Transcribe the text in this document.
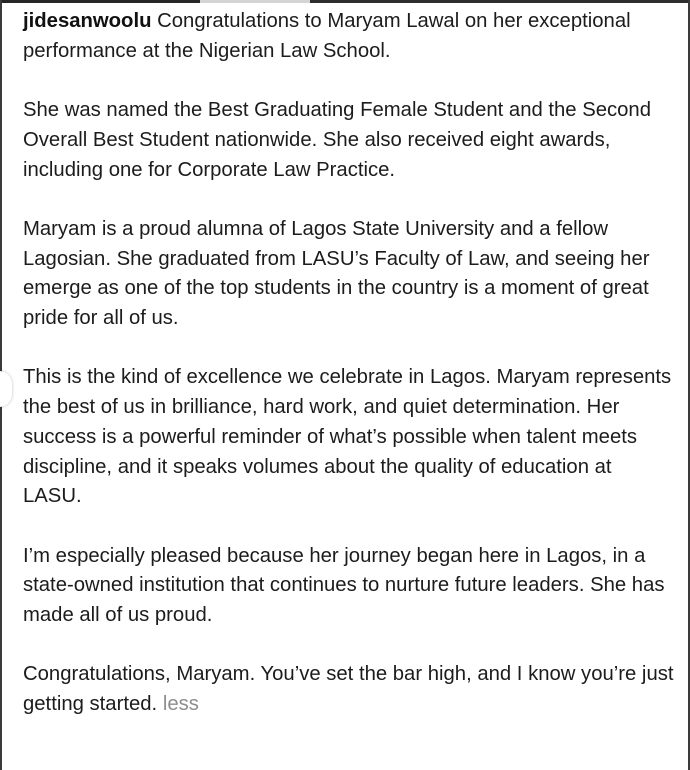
jidesanwoolu Congratulations to Maryam Lawal on her exceptional performance at the Nigerian Law School.

She was named the Best Graduating Female Student and the Second Overall Best Student nationwide. She also received eight awards, including one for Corporate Law Practice.

Maryam is a proud alumna of Lagos State University and a fellow Lagosian. She graduated from LASU’s Faculty of Law, and seeing her emerge as one of the top students in the country is a moment of great pride for all of us.

This is the kind of excellence we celebrate in Lagos. Maryam represents the best of us in brilliance, hard work, and quiet determination. Her success is a powerful reminder of what’s possible when talent meets discipline, and it speaks volumes about the quality of education at LASU.

I’m especially pleased because her journey began here in Lagos, in a state-owned institution that continues to nurture future leaders. She has made all of us proud.

Congratulations, Maryam. You’ve set the bar high, and I know you’re just getting started. less
